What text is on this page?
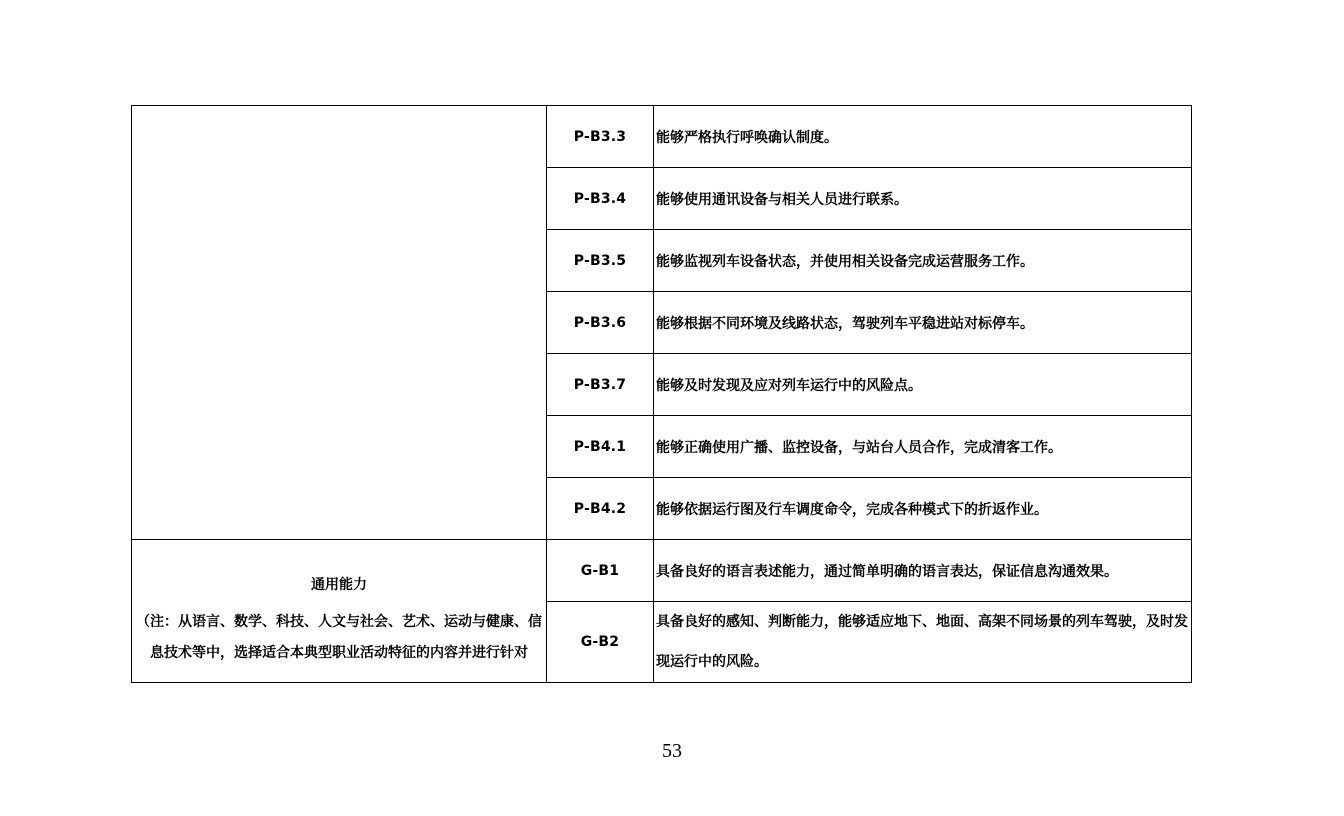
	P-B3.3	能够严格执行呼唤确认制度。
	P-B3.4	能够使用通讯设备与相关人员进行联系。
	P-B3.5	能够监视列车设备状态，并使用相关设备完成运营服务工作。
	P-B3.6	能够根据不同环境及线路状态，驾驶列车平稳进站对标停车。
	P-B3.7	能够及时发现及应对列车运行中的风险点。
	P-B4.1	能够正确使用广播、监控设备，与站台人员合作，完成清客工作。
	P-B4.2	能够依据运行图及行车调度命令，完成各种模式下的折返作业。

通用能力
（注：从语言、数学、科技、人文与社会、艺术、运动与健康、信息技术等中，选择适合本典型职业活动特征的内容并进行针对	G-B1	具备良好的语言表述能力，通过简单明确的语言表达，保证信息沟通效果。
	G-B2	具备良好的感知、判断能力，能够适应地下、地面、高架不同场景的列车驾驶，及时发现运行中的风险。
53
